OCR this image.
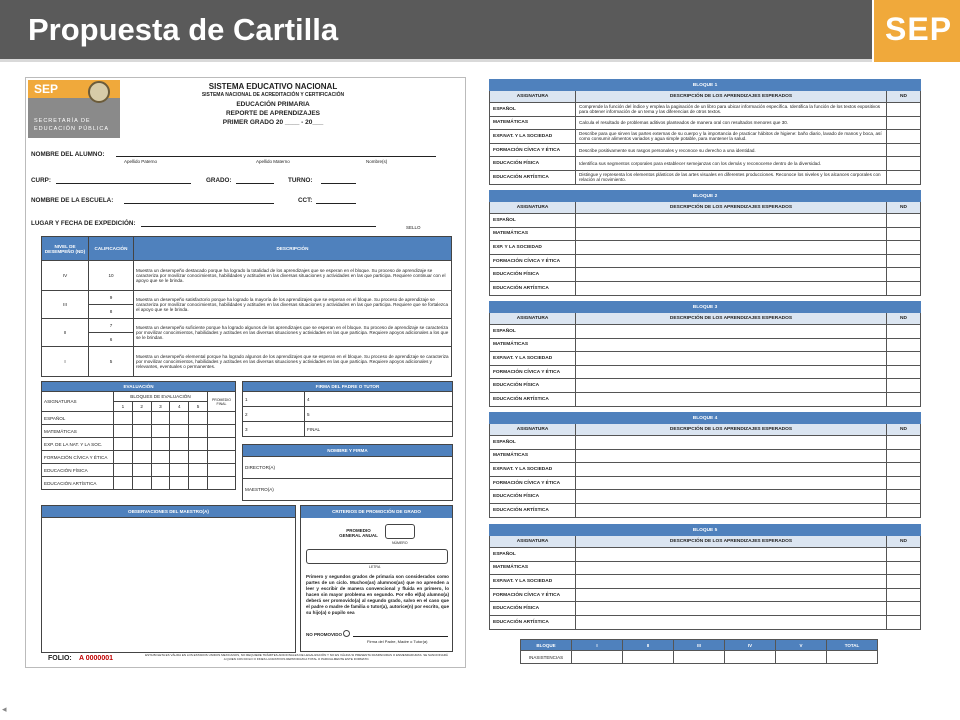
Propuesta de Cartilla	SEP
SEP
SECRETARÍA DE
EDUCACIÓN PÚBLICA
SISTEMA EDUCATIVO NACIONAL
SISTEMA NACIONAL DE ACREDITACIÓN Y CERTIFICACIÓN
EDUCACIÓN PRIMARIA
REPORTE DE APRENDIZAJES
PRIMER GRADO 20 ____ - 20___
NOMBRE DEL ALUMNO:
Apellido Paterno	Apellido Materno	Nombre(s)
CURP:	GRADO:	TURNO:
NOMBRE DE LA ESCUELA:	CCT:
LUGAR Y FECHA DE EXPEDICIÓN:
SELLO
NIVEL DE DESEMPEÑO (ND)	CALIFICACIÓN	DESCRIPCIÓN
IV	10	Muestra un desempeño destacado porque ha logrado la totalidad de los aprendizajes que se esperan en el bloque. Su proceso de aprendizaje se caracteriza por movilizar conocimientos, habilidades y actitudes en las diversas situaciones y actividades en las que participa. Requiere continuar con el apoyo que se le brinda.
III	9	Muestra un desempeño satisfactorio porque ha logrado la mayoría de los aprendizajes que se esperan en el bloque. Su proceso de aprendizaje se caracteriza por movilizar conocimientos, habilidades y actitudes en las diversas situaciones y actividades en las que participa. Requiere que se fortalezca el apoyo que se le brinda.
	8	
II	7	Muestra un desempeño suficiente porque ha logrado algunos de los aprendizajes que se esperan en el bloque. Su proceso de aprendizaje se caracteriza por movilizar conocimientos, habilidades y actitudes en las diversas situaciones y actividades en las que participa. Requiere apoyos adicionales a los que se le brindan.
	6	
I	5	Muestra un desempeño elemental porque ha logrado algunos de los aprendizajes que se esperan en el bloque. Su proceso de aprendizaje se caracteriza por movilizar conocimientos, habilidades y actitudes en las diversas situaciones y actividades en las que participa. Requiere apoyos adicionales y relevantes, eventuales o permanentes.
EVALUACIÓN						
ASIGNATURAS	BLOQUES DE EVALUACIÓN					PROMEDIO FINAL
	1	2	3	4	5	
ESPAÑOL						
MATEMÁTICAS						
EXP. DE LA NAT. Y LA SOC.						
FORMACIÓN CÍVICA Y ÉTICA						
EDUCACIÓN FÍSICA						
EDUCACIÓN ARTÍSTICA						
FIRMA DEL PADRE O TUTOR	
1	4
2	5
3	FINAL
NOMBRE Y FIRMA
DIRECTOR(A)
MAESTRO(A)
OBSERVACIONES DEL MAESTRO(A)	CRITERIOS DE PROMOCIÓN DE GRADO
PROMEDIO GENERAL ANUAL
NÚMERO
LETRA
Primero y segundos grados de primaria son considerados como partes de un ciclo. Muchos(as) alumnos(as) que no aprenden a leer y escribir de manera convencional y fluida en primero, lo hacen sin mayor problema en segundo. Por ello el(la) alumno(a) deberá ser promovido(a) al segundo grado, salvo en el caso que el padre o madre de familia o tutor(a), autorice(n) por escrito, que su hijo(a) o pupilo sea
NO PROMOVIDO
Firma del Padre, Madre o Tutor(a)
FOLIO: A 0000001	ESTA BOLETA ES VÁLIDA EN LOS ESTADOS UNIDOS MEXICANOS, NO REQUIERE TRÁMITES ADICIONALES DE LEGALIZACIÓN Y NO ES VÁLIDA SI PRESENTA RASPADURAS O ENMENDADURAS. SE SANCIONARÁ A QUIEN CON DOLO O FINES LUCRATIVOS REPRODUZCA TOTAL O PARCIALMENTE ESTE FORMATO.
BLOQUE 1		
ASIGNATURA	DESCRIPCIÓN DE LOS APRENDIZAJES ESPERADOS	ND
ESPAÑOL	Comprende la función del índice y emplea la paginación de un libro para ubicar información específica. Identifica la función de los textos expositivos para obtener información de un tema y las diferencias de otros textos.	
MATEMÁTICAS	Calcula el resultado de problemas aditivos planteados de manera oral con resultados menores que 30.	
EXP.NAT. Y LA SOCIEDAD	Describe para que sirven las partes externas de su cuerpo y la importancia de practicar hábitos de higiene: baño diario, lavado de manos y boca, así como consumir alimentos variados y agua simple potable, para mantener la salud.	
FORMACIÓN CÍVICA Y ÉTICA	Describe positivamente sus rasgos personales y reconoce su derecho a una identidad.	
EDUCACIÓN FÍSICA	Identifica sus segmentos corporales para establecer semejanzas con los demás y reconocerse dentro de la diversidad.	
EDUCACIÓN ARTÍSTICA	Distingue y representa los elementos plásticos de las artes visuales en diferentes producciones. Reconoce los niveles y los alcances corporales con relación al movimiento.	
BLOQUE 2		
ASIGNATURA	DESCRIPCIÓN DE LOS APRENDIZAJES ESPERADOS	ND
ESPAÑOL		
MATEMÁTICAS		
EXP. Y LA SOCIEDAD		
FORMACIÓN CÍVICA Y ÉTICA		
EDUCACIÓN FÍSICA		
EDUCACIÓN ARTÍSTICA		
BLOQUE 3		
ASIGNATURA	DESCRIPCIÓN DE LOS APRENDIZAJES ESPERADOS	ND
ESPAÑOL		
MATEMÁTICAS		
EXP.NAT. Y LA SOCIEDAD		
FORMACIÓN CÍVICA Y ÉTICA		
EDUCACIÓN FÍSICA		
EDUCACIÓN ARTÍSTICA		
BLOQUE 4		
ASIGNATURA	DESCRIPCIÓN DE LOS APRENDIZAJES ESPERADOS	ND
ESPAÑOL		
MATEMÁTICAS		
EXP.NAT. Y LA SOCIEDAD		
FORMACIÓN CÍVICA Y ÉTICA		
EDUCACIÓN FÍSICA		
EDUCACIÓN ARTÍSTICA		
BLOQUE 5		
ASIGNATURA	DESCRIPCIÓN DE LOS APRENDIZAJES ESPERADOS	ND
ESPAÑOL		
MATEMÁTICAS		
EXP.NAT. Y LA SOCIEDAD		
FORMACIÓN CÍVICA Y ÉTICA		
EDUCACIÓN FÍSICA		
EDUCACIÓN ARTÍSTICA		
BLOQUE	I	II	III	IV	V	TOTAL
INASISTENCIAS						
◂
